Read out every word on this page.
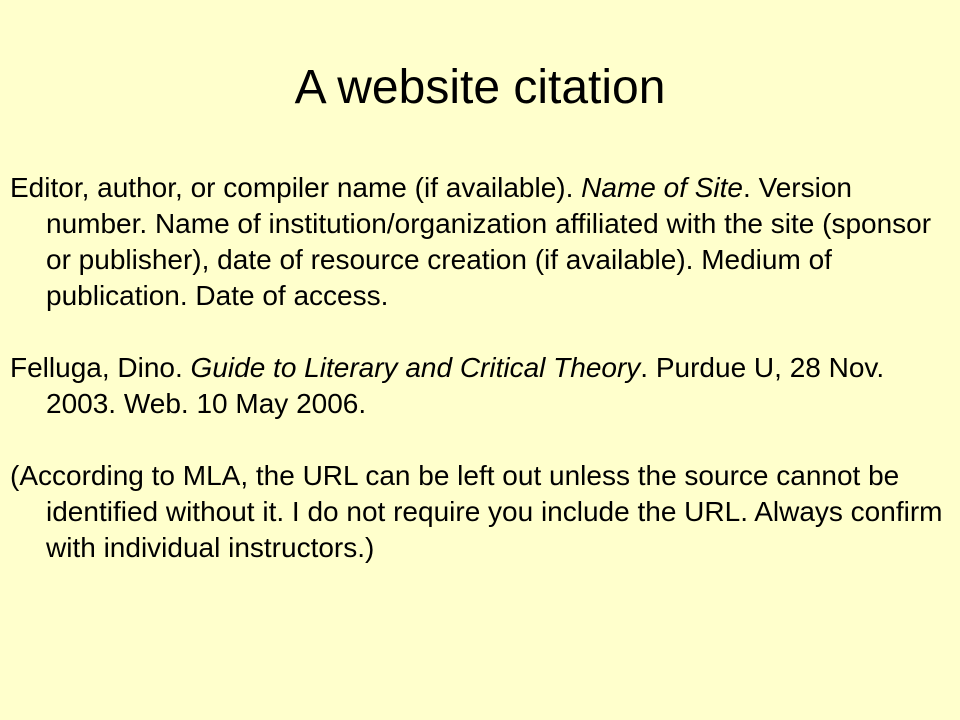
A website citation

Editor, author, or compiler name (if available). Name of Site. Version number. Name of institution/organization affiliated with the site (sponsor or publisher), date of resource creation (if available). Medium of publication. Date of access.

Felluga, Dino. Guide to Literary and Critical Theory. Purdue U, 28 Nov. 2003. Web. 10 May 2006.

(According to MLA, the URL can be left out unless the source cannot be identified without it. I do not require you include the URL. Always confirm with individual instructors.)
